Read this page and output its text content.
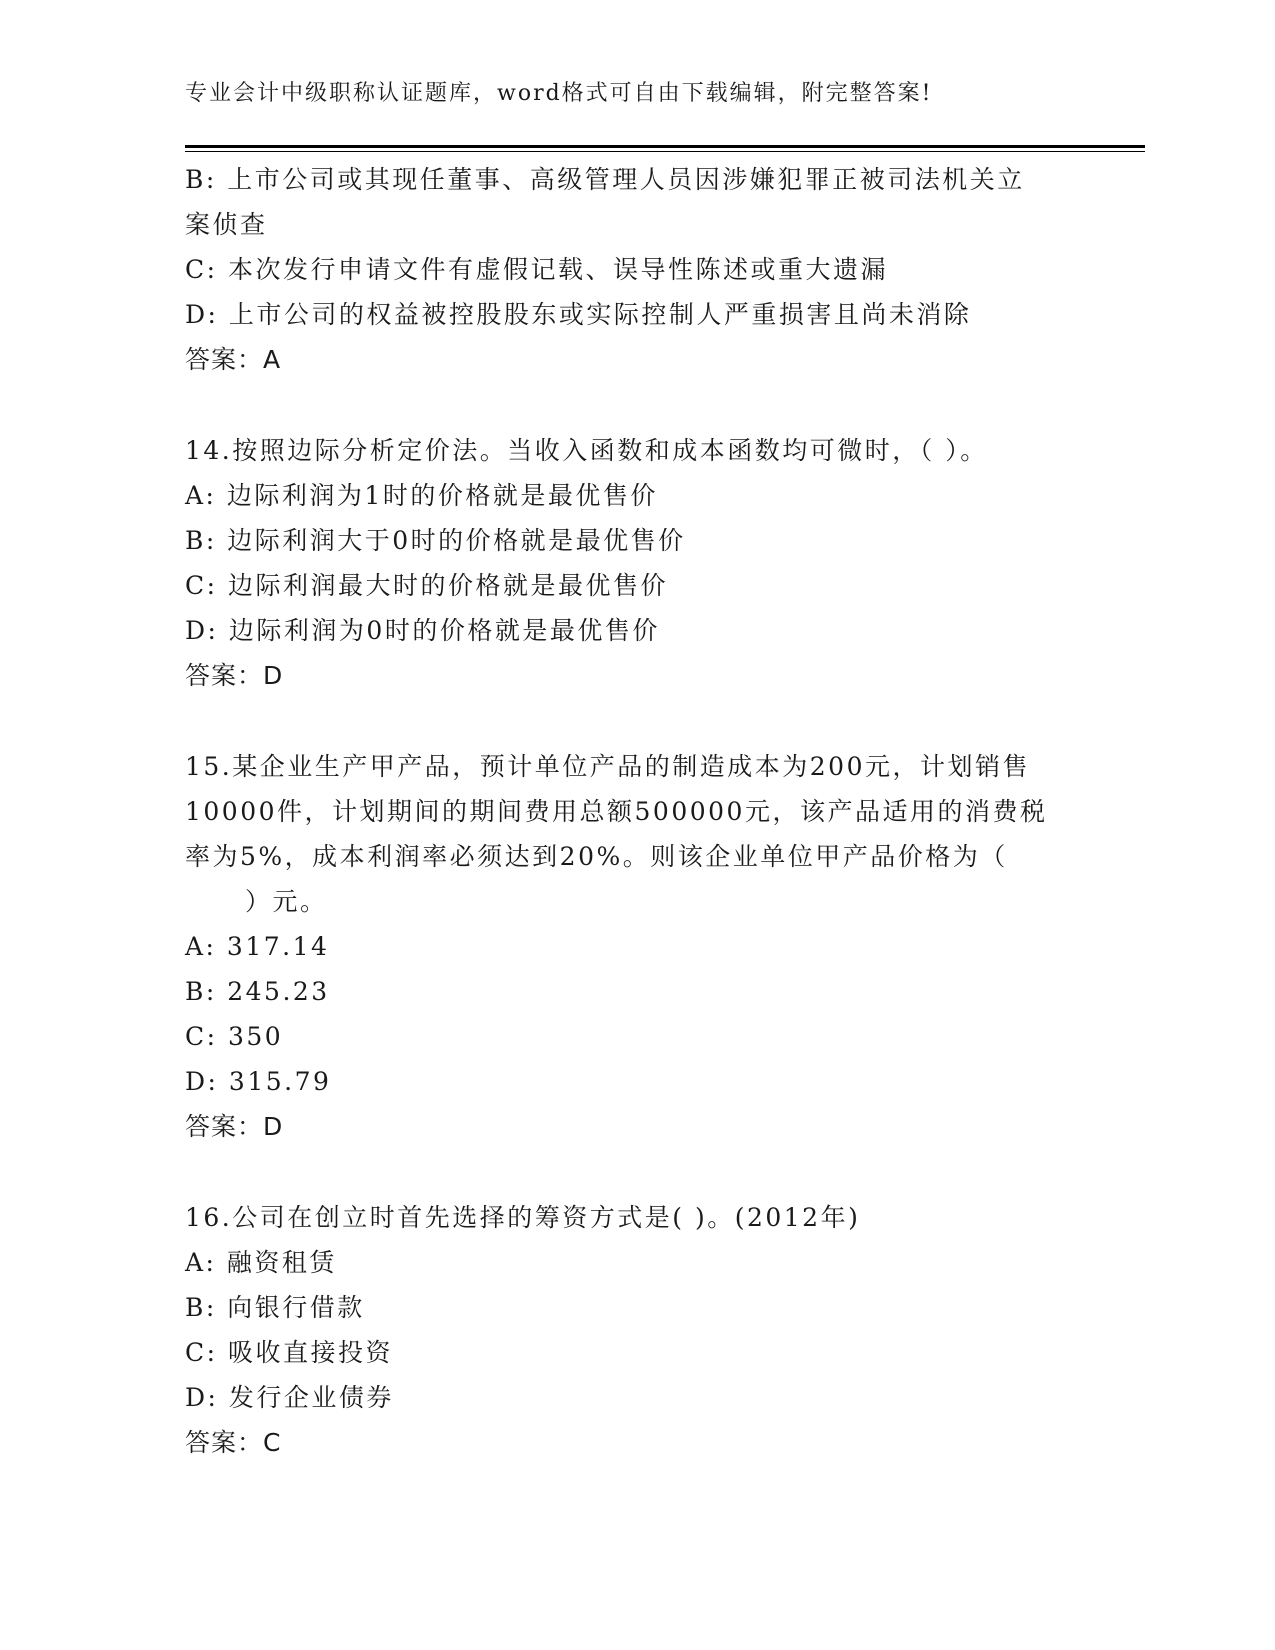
专业会计中级职称认证题库，word格式可自由下载编辑，附完整答案!
B: 上市公司或其现任董事、高级管理人员因涉嫌犯罪正被司法机关立
案侦查
C: 本次发行申请文件有虚假记载、误导性陈述或重大遗漏
D: 上市公司的权益被控股股东或实际控制人严重损害且尚未消除
答案：A
14.按照边际分析定价法。当收入函数和成本函数均可微时，（ ）。
A: 边际利润为1时的价格就是最优售价
B: 边际利润大于0时的价格就是最优售价
C: 边际利润最大时的价格就是最优售价
D: 边际利润为0时的价格就是最优售价
答案：D
15.某企业生产甲产品，预计单位产品的制造成本为200元，计划销售
10000件，计划期间的期间费用总额500000元，该产品适用的消费税
率为5%，成本利润率必须达到20%。则该企业单位甲产品价格为（
）元。
A: 317.14
B: 245.23
C: 350
D: 315.79
答案：D
16.公司在创立时首先选择的筹资方式是( )。(2012年)
A: 融资租赁
B: 向银行借款
C: 吸收直接投资
D: 发行企业债券
答案：C
